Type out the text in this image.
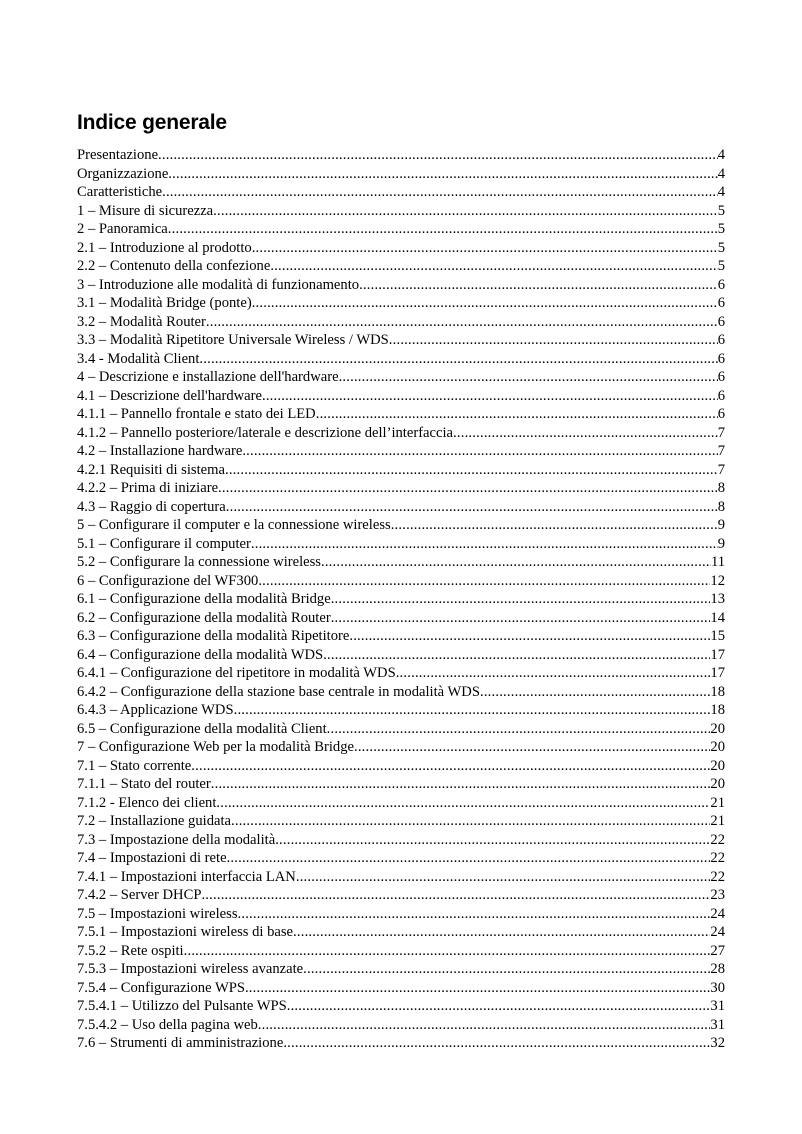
Indice generale
Presentazione .....	4
Organizzazione .....	4
Caratteristiche .....	4
1 – Misure di sicurezza .....	5
2 – Panoramica .....	5
2.1 – Introduzione al prodotto .....	5
2.2 – Contenuto della confezione .....	5
3 – Introduzione alle modalità di funzionamento .....	6
3.1 – Modalità Bridge (ponte) .....	6
3.2 – Modalità Router .....	6
3.3 – Modalità Ripetitore Universale Wireless / WDS .....	6
3.4 - Modalità Client .....	6
4 – Descrizione e installazione dell'hardware .....	6
4.1 – Descrizione dell'hardware .....	6
4.1.1 – Pannello frontale e stato dei LED .....	6
4.1.2 – Pannello posteriore/laterale e descrizione dell’interfaccia .....	7
4.2 – Installazione hardware .....	7
4.2.1 Requisiti di sistema .....	7
4.2.2 – Prima di iniziare .....	8
4.3 – Raggio di copertura .....	8
5 – Configurare il computer e la connessione wireless .....	9
5.1 – Configurare il computer .....	9
5.2 – Configurare la connessione wireless .....	11
6 – Configurazione del WF300 .....	12
6.1 – Configurazione della modalità Bridge .....	13
6.2 – Configurazione della modalità Router .....	14
6.3 – Configurazione della modalità Ripetitore .....	15
6.4 – Configurazione della modalità WDS .....	17
6.4.1 – Configurazione del ripetitore in modalità WDS .....	17
6.4.2 – Configurazione della stazione base centrale in modalità WDS .....	18
6.4.3 – Applicazione WDS .....	18
6.5 – Configurazione della modalità Client .....	20
7 – Configurazione Web per la modalità Bridge .....	20
7.1 – Stato corrente .....	20
7.1.1 – Stato del router .....	20
7.1.2 - Elenco dei client .....	21
7.2 – Installazione guidata .....	21
7.3 – Impostazione della modalità .....	22
7.4 – Impostazioni di rete .....	22
7.4.1 – Impostazioni interfaccia LAN .....	22
7.4.2 – Server DHCP .....	23
7.5 – Impostazioni wireless .....	24
7.5.1 – Impostazioni wireless di base .....	24
7.5.2 – Rete ospiti .....	27
7.5.3 – Impostazioni wireless avanzate .....	28
7.5.4 – Configurazione WPS .....	30
7.5.4.1 – Utilizzo del Pulsante WPS .....	31
7.5.4.2 – Uso della pagina web .....	31
7.6 – Strumenti di amministrazione .....	32
